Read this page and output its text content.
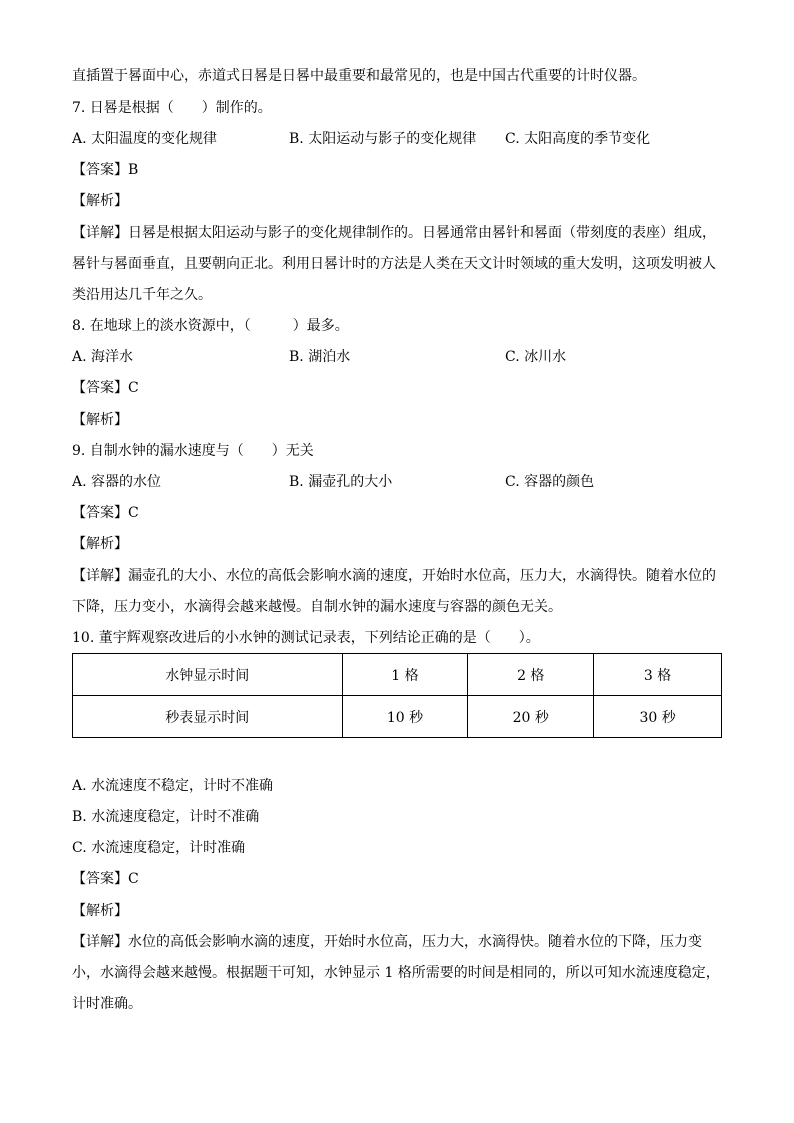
直插置于晷面中心，赤道式日晷是日晷中最重要和最常见的，也是中国古代重要的计时仪器。
7. 日晷是根据（　　）制作的。
A. 太阳温度的变化规律	B. 太阳运动与影子的变化规律 C. 太阳高度的季节变化
【答案】B
【解析】
【详解】日晷是根据太阳运动与影子的变化规律制作的。日晷通常由晷针和晷面（带刻度的表座）组成，
晷针与晷面垂直，且要朝向正北。利用日晷计时的方法是人类在天文计时领域的重大发明，这项发明被人
类沿用达几千年之久。
8. 在地球上的淡水资源中，（　　　）最多。
A. 海洋水	B. 湖泊水	C. 冰川水
【答案】C
【解析】
9. 自制水钟的漏水速度与（　　）无关
A. 容器的水位	B. 漏壶孔的大小	C. 容器的颜色
【答案】C
【解析】
【详解】漏壶孔的大小、水位的高低会影响水滴的速度，开始时水位高，压力大，水滴得快。随着水位的
下降，压力变小，水滴得会越来越慢。自制水钟的漏水速度与容器的颜色无关。
10. 董宇辉观察改进后的小水钟的测试记录表，下列结论正确的是（　　）。
水钟显示时间	1 格	2 格	3 格
秒表显示时间	10 秒	20 秒	30 秒
A. 水流速度不稳定，计时不准确
B. 水流速度稳定，计时不准确
C. 水流速度稳定，计时准确
【答案】C
【解析】
【详解】水位的高低会影响水滴的速度，开始时水位高，压力大，水滴得快。随着水位的下降，压力变
小，水滴得会越来越慢。根据题干可知，水钟显示 1 格所需要的时间是相同的，所以可知水流速度稳定，
计时准确。
